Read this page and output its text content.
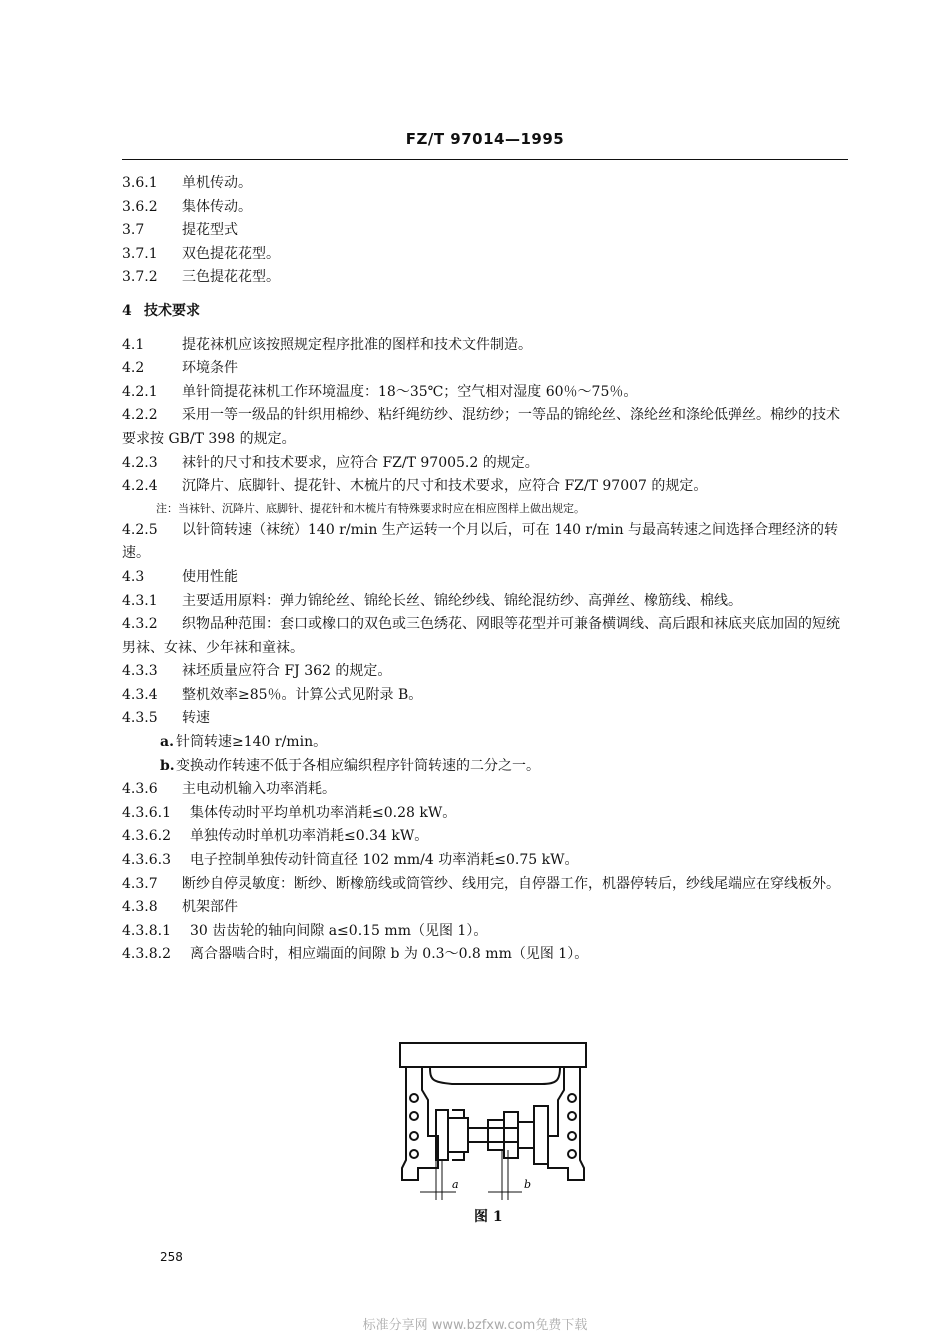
FZ/T 97014—1995
3.6.1 单机传动。
3.6.2 集体传动。
3.7	提花型式
3.7.1 双色提花花型。
3.7.2 三色提花花型。
4 技术要求
4.1	提花袜机应该按照规定程序批准的图样和技术文件制造。
4.2	环境条件
4.2.1 单针筒提花袜机工作环境温度：18～35℃；空气相对湿度 60％～75％。
4.2.2 采用一等一级品的针织用棉纱、粘纤绳纺纱、混纺纱；一等品的锦纶丝、涤纶丝和涤纶低弹丝。棉纱的技术要求按 GB/T 398 的规定。
4.2.3 袜针的尺寸和技术要求，应符合 FZ/T 97005.2 的规定。
4.2.4 沉降片、底脚针、提花针、木梳片的尺寸和技术要求，应符合 FZ/T 97007 的规定。
注：当袜针、沉降片、底脚针、提花针和木梳片有特殊要求时应在相应图样上做出规定。
4.2.5 以针筒转速（袜统）140 r/min 生产运转一个月以后，可在 140 r/min 与最高转速之间选择合理经济的转速。
4.3	使用性能
4.3.1 主要适用原料：弹力锦纶丝、锦纶长丝、锦纶纱线、锦纶混纺纱、高弹丝、橡筋线、棉线。
4.3.2 织物品种范围：套口或橡口的双色或三色绣花、网眼等花型并可兼备横调线、高后跟和袜底夹底加固的短统男袜、女袜、少年袜和童袜。
4.3.3 袜坯质量应符合 FJ 362 的规定。
4.3.4 整机效率≥85％。计算公式见附录 B。
4.3.5 转速
a. 针筒转速≥140 r/min。
b.变换动作转速不低于各相应编织程序针筒转速的二分之一。
4.3.6 主电动机输入功率消耗。
4.3.6.1 集体传动时平均单机功率消耗≤0.28 kW。
4.3.6.2 单独传动时单机功率消耗≤0.34 kW。
4.3.6.3 电子控制单独传动针筒直径 102 mm/4 功率消耗≤0.75 kW。
4.3.7 断纱自停灵敏度：断纱、断橡筋线或筒管纱、线用完，自停器工作，机器停转后，纱线尾端应在穿线板外。
4.3.8 机架部件
4.3.8.1 30 齿齿轮的轴向间隙 a≤0.15 mm（见图 1）。
4.3.8.2 离合器啮合时，相应端面的间隙 b 为 0.3～0.8 mm（见图 1）。
a	b
图 1
258
标准分享网 www.bzfxw.com免费下载
